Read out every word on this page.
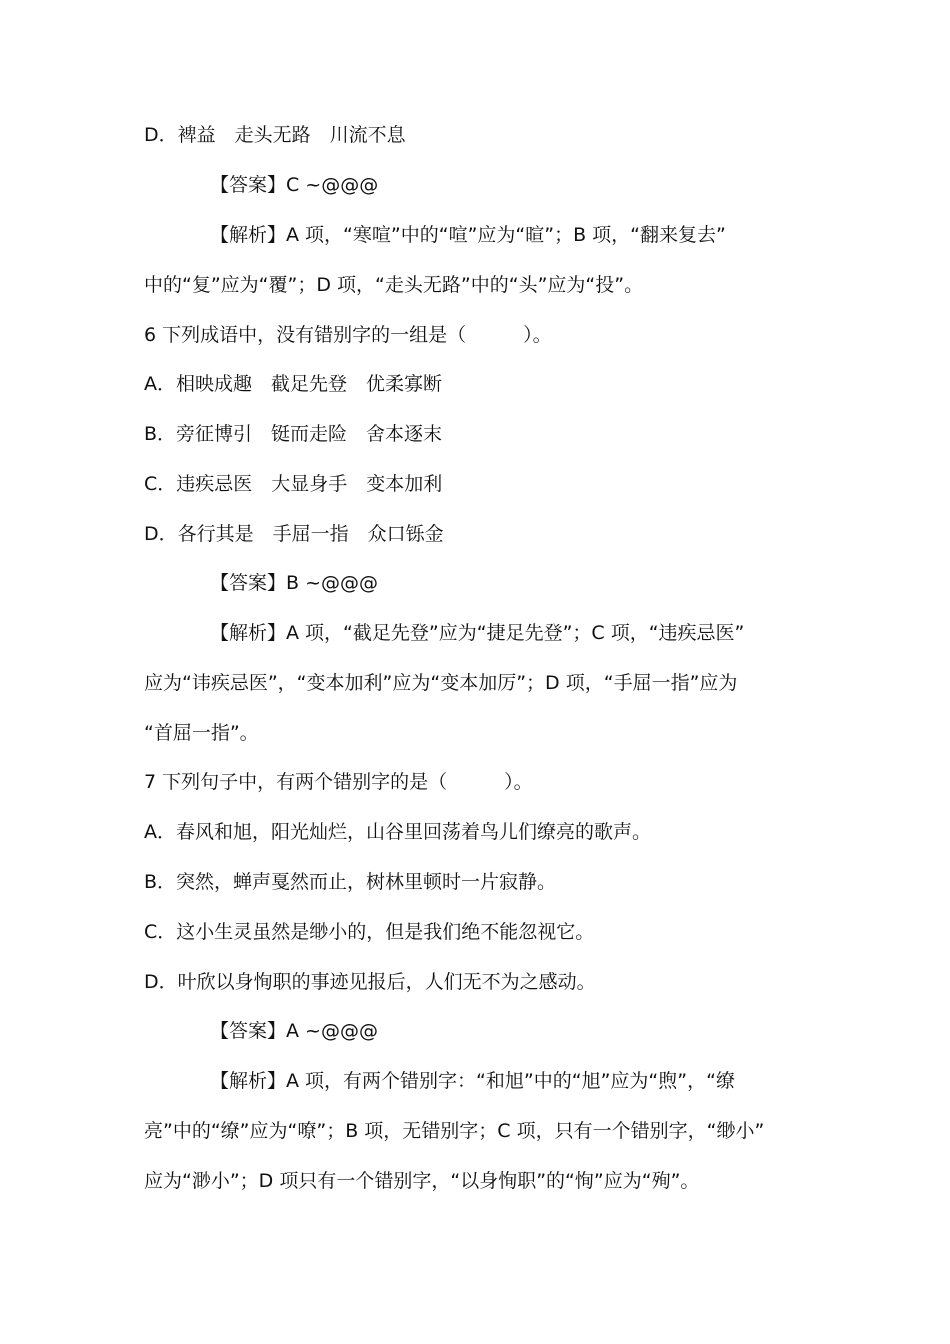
D．裨益　走头无路　川流不息
【答案】C ~@@@
【解析】A 项，“寒喧”中的“喧”应为“暄”；B 项，“翻来复去”
中的“复”应为“覆”；D 项，“走头无路”中的“头”应为“投”。
6 下列成语中，没有错别字的一组是（　　　）。
A．相映成趣　截足先登　优柔寡断
B．旁征博引　铤而走险　舍本逐末
C．违疾忌医　大显身手　变本加利
D．各行其是　手屈一指　众口铄金
【答案】B ~@@@
【解析】A 项，“截足先登”应为“捷足先登”；C 项，“违疾忌医”
应为“讳疾忌医”，“变本加利”应为“变本加厉”；D 项，“手屈一指”应为
“首屈一指”。
7 下列句子中，有两个错别字的是（　　　）。
A．春风和旭，阳光灿烂，山谷里回荡着鸟儿们缭亮的歌声。
B．突然，蝉声戛然而止，树林里顿时一片寂静。
C．这小生灵虽然是缈小的，但是我们绝不能忽视它。
D．叶欣以身恂职的事迹见报后，人们无不为之感动。
【答案】A ~@@@
【解析】A 项，有两个错别字：“和旭”中的“旭”应为“煦”，“缭
亮”中的“缭”应为“嘹”；B 项，无错别字；C 项，只有一个错别字，“缈小”
应为“渺小”；D 项只有一个错别字，“以身恂职”的“恂”应为“殉”。
